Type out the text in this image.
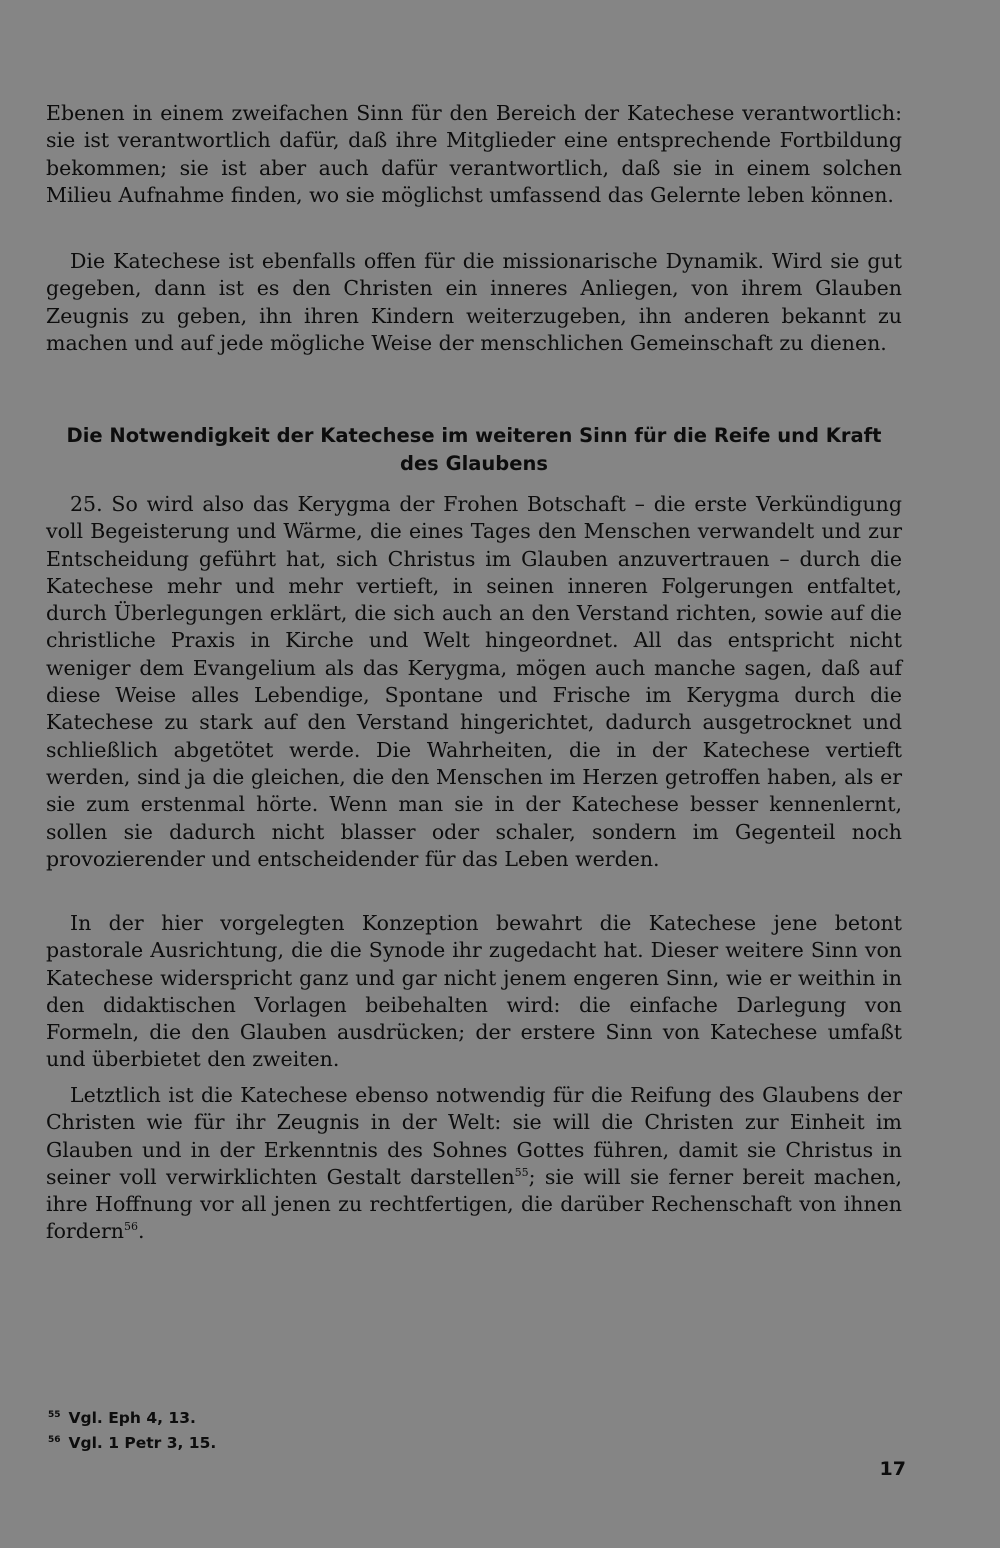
Ebenen in einem zweifachen Sinn für den Bereich der Katechese verantwortlich: sie ist verantwortlich dafür, daß ihre Mitglieder eine entsprechende Fortbildung bekommen; sie ist aber auch dafür verantwortlich, daß sie in einem solchen Milieu Aufnahme finden, wo sie möglichst umfassend das Gelernte leben können.

Die Katechese ist ebenfalls offen für die missionarische Dynamik. Wird sie gut gegeben, dann ist es den Christen ein inneres Anliegen, von ihrem Glauben Zeugnis zu geben, ihn ihren Kindern weiterzugeben, ihn anderen bekannt zu machen und auf jede mögliche Weise der menschlichen Gemeinschaft zu dienen.

Die Notwendigkeit der Katechese im weiteren Sinn für die Reife und Kraft des Glaubens

25. So wird also das Kerygma der Frohen Botschaft – die erste Verkündigung voll Begeisterung und Wärme, die eines Tages den Menschen verwandelt und zur Entscheidung geführt hat, sich Christus im Glauben anzuvertrauen – durch die Katechese mehr und mehr vertieft, in seinen inneren Folgerungen entfaltet, durch Überlegungen erklärt, die sich auch an den Verstand richten, sowie auf die christliche Praxis in Kirche und Welt hingeordnet. All das entspricht nicht weniger dem Evangelium als das Kerygma, mögen auch manche sagen, daß auf diese Weise alles Lebendige, Spontane und Frische im Kerygma durch die Katechese zu stark auf den Verstand hingerichtet, dadurch ausgetrocknet und schließlich abgetötet werde. Die Wahrheiten, die in der Katechese vertieft werden, sind ja die gleichen, die den Menschen im Herzen getroffen haben, als er sie zum erstenmal hörte. Wenn man sie in der Katechese besser kennenlernt, sollen sie dadurch nicht blasser oder schaler, sondern im Gegenteil noch provozierender und entscheidender für das Leben werden.

In der hier vorgelegten Konzeption bewahrt die Katechese jene betont pastorale Ausrichtung, die die Synode ihr zugedacht hat. Dieser weitere Sinn von Katechese widerspricht ganz und gar nicht jenem engeren Sinn, wie er weithin in den didaktischen Vorlagen beibehalten wird: die einfache Darlegung von Formeln, die den Glauben ausdrücken; der erstere Sinn von Katechese umfaßt und überbietet den zweiten.

Letztlich ist die Katechese ebenso notwendig für die Reifung des Glaubens der Christen wie für ihr Zeugnis in der Welt: sie will die Christen zur Einheit im Glauben und in der Erkenntnis des Sohnes Gottes führen, damit sie Christus in seiner voll verwirklichten Gestalt darstellen$^{55}$; sie will sie ferner bereit machen, ihre Hoffnung vor all jenen zu rechtfertigen, die darüber Rechenschaft von ihnen fordern$^{56}$.

$^{55}$ Vgl. Eph 4, 13.
$^{56}$ Vgl. 1 Petr 3, 15.
17
